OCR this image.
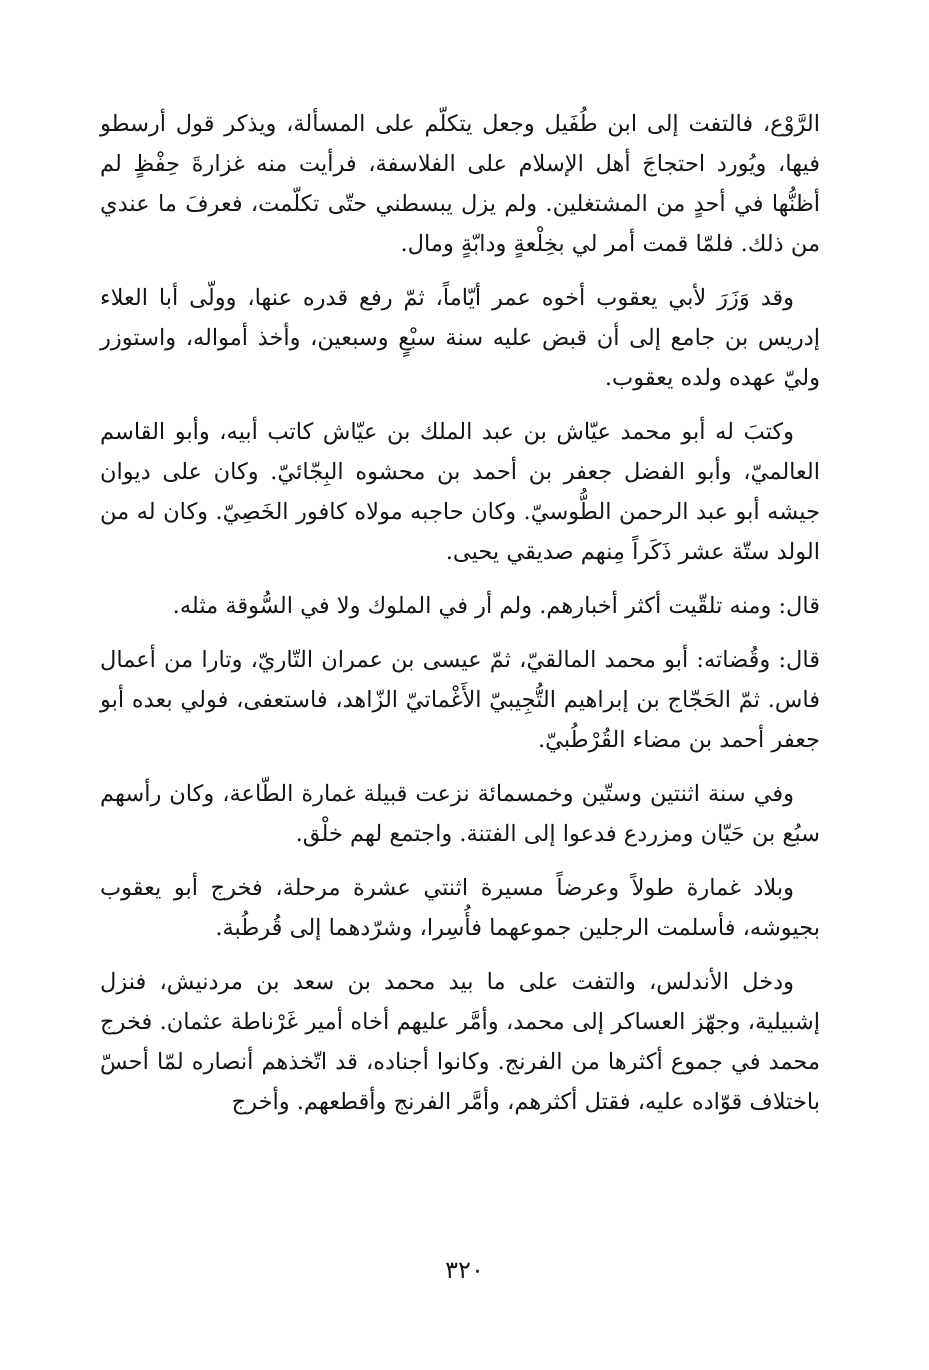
الرَّوْع، فالتفت إلى ابن طُفَيل وجعل يتكلّم على المسألة، ويذكر قول أرسطو فيها، ويُورد احتجاجَ أهل الإسلام على الفلاسفة، فرأيت منه غزارةَ حِفْظٍ لم أظنُّها في أحدٍ من المشتغلين. ولم يزل يبسطني حتّى تكلّمت، فعرفَ ما عندي من ذلك. فلمّا قمت أمر لي بخِلْعةٍ ودابّةٍ ومال.

وقد وَزَرَ لأبي يعقوب أخوه عمر أيّاماً، ثمّ رفع قدره عنها، وولّى أبا العلاء إدريس بن جامع إلى أن قبض عليه سنة سبْعٍ وسبعين، وأخذ أمواله، واستوزر وليّ عهده ولده يعقوب.

وكتبَ له أبو محمد عيّاش بن عبد الملك بن عيّاش كاتب أبيه، وأبو القاسم العالميّ، وأبو الفضل جعفر بن أحمد بن محشوه البِجّائيّ. وكان على ديوان جيشه أبو عبد الرحمن الطُّوسيّ. وكان حاجبه مولاه كافور الخَصِيّ. وكان له من الولد ستّة عشر ذَكَراً مِنهم صديقي يحيى.

قال: ومنه تلقّيت أكثر أخبارهم. ولم أر في الملوك ولا في السُّوقة مثله.

قال: وقُضاته: أبو محمد المالقيّ، ثمّ عيسى بن عمران التّاريّ، وتارا من أعمال فاس. ثمّ الحَجّاج بن إبراهيم التُّجِيبيّ الأَغْماتيّ الزّاهد، فاستعفى، فولي بعده أبو جعفر أحمد بن مضاء القُرْطُبيّ.

وفي سنة اثنتين وستّين وخمسمائة نزعت قبيلة غمارة الطّاعة، وكان رأسهم سبُع بن حَيّان ومزردع فدعوا إلى الفتنة. واجتمع لهم خلْق.

وبلاد غمارة طولاً وعرضاً مسيرة اثنتي عشرة مرحلة، فخرج أبو يعقوب بجيوشه، فأسلمت الرجلين جموعهما فأُسِرا، وشرّدهما إلى قُرطُبة.

ودخل الأندلس، والتفت على ما بيد محمد بن سعد بن مردنيش، فنزل إشبيلية، وجهّز العساكر إلى محمد، وأمَّر عليهم أخاه أمير غَرْناطة عثمان. فخرج محمد في جموع أكثرها من الفرنج. وكانوا أجناده، قد اتّخذهم أنصاره لمّا أحسّ باختلاف قوّاده عليه، فقتل أكثرهم، وأمَّر الفرنج وأقطعهم. وأخرج

٣٢٠
